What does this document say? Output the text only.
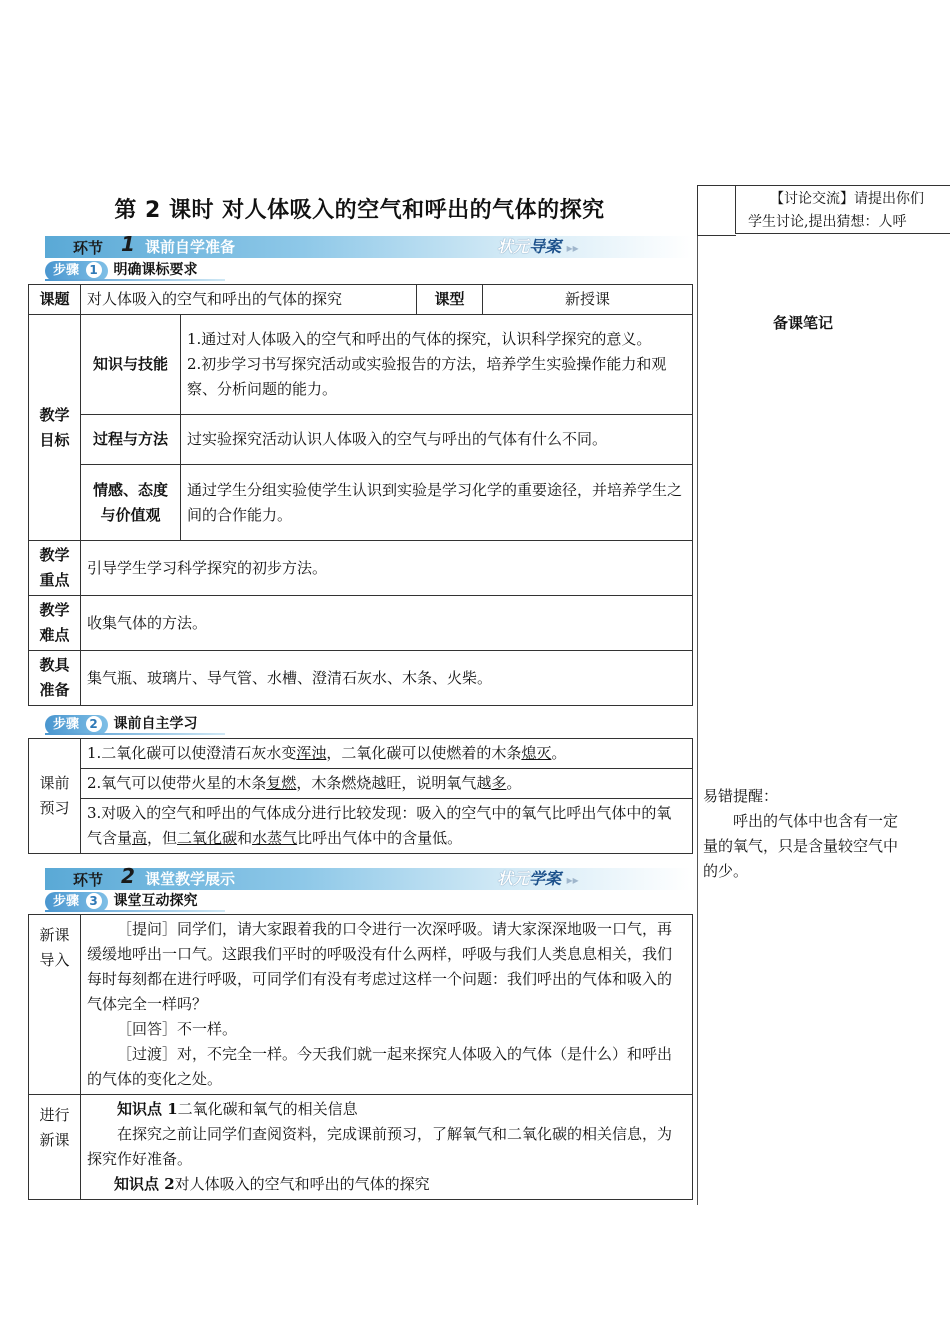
第 2 课时 对人体吸入的空气和呼出的气体的探究
环节 1 课前自学准备	状元导案 ▸▸
步骤 1 明确课标要求
课题	对人体吸入的空气和呼出的气体的探究		课型	新授课
教学目标	知识与技能	1.通过对人体吸入的空气和呼出的气体的探究，认识科学探究的意义。

2.初步学习书写探究活动或实验报告的方法，培养学生实验操作能力和观察、分析问题的能力。		

	过程与方法	过实验探究活动认识人体吸入的空气与呼出的气体有什么不同。		
	情感、态度与价值观	通过学生分组实验使学生认识到实验是学习化学的重要途径，并培养学生之间的合作能力。		
教学重点	引导学生学习科学探究的初步方法。			
教学难点	收集气体的方法。			
教具准备	集气瓶、玻璃片、导气管、水槽、澄清石灰水、木条、火柴。			
步骤 2 课前自主学习
课前预习	1.二氧化碳可以使澄清石灰水变浑浊，二氧化碳可以使燃着的木条熄灭。
2.氧气可以使带火星的木条复燃，木条燃烧越旺，说明氧气越多。
3.对吸入的空气和呼出的气体成分进行比较发现：吸入的空气中的氧气比呼出气体中的氧气含量高，但二氧化碳和水蒸气比呼出气体中的含量低。
环节 2 课堂教学展示	状元学案 ▸▸
步骤 3 课堂互动探究
新课导入	［提问］同学们，请大家跟着我的口令进行一次深呼吸。请大家深深地吸一口气，再缓缓地呼出一口气。这跟我们平时的呼吸没有什么两样，呼吸与我们人类息息相关，我们每时每刻都在进行呼吸，可同学们有没有考虑过这样一个问题：我们呼出的气体和吸入的气体完全一样吗？

［回答］不一样。

［过渡］对，不完全一样。今天我们就一起来探究人体吸入的气体（是什么）和呼出的气体的变化之处。

进行新课	知识点 1二氧化碳和氧气的相关信息

在探究之前让同学们查阅资料，完成课前预习，了解氧气和二氧化碳的相关信息，为探究作好准备。

知识点 2对人体吸入的空气和呼出的气体的探究

【讨论交流】请提出你们
学生讨论,提出猜想：人呼
备课笔记
易错提醒：
呼出的气体中也含有一定量的氧气，只是含量较空气中的少。
